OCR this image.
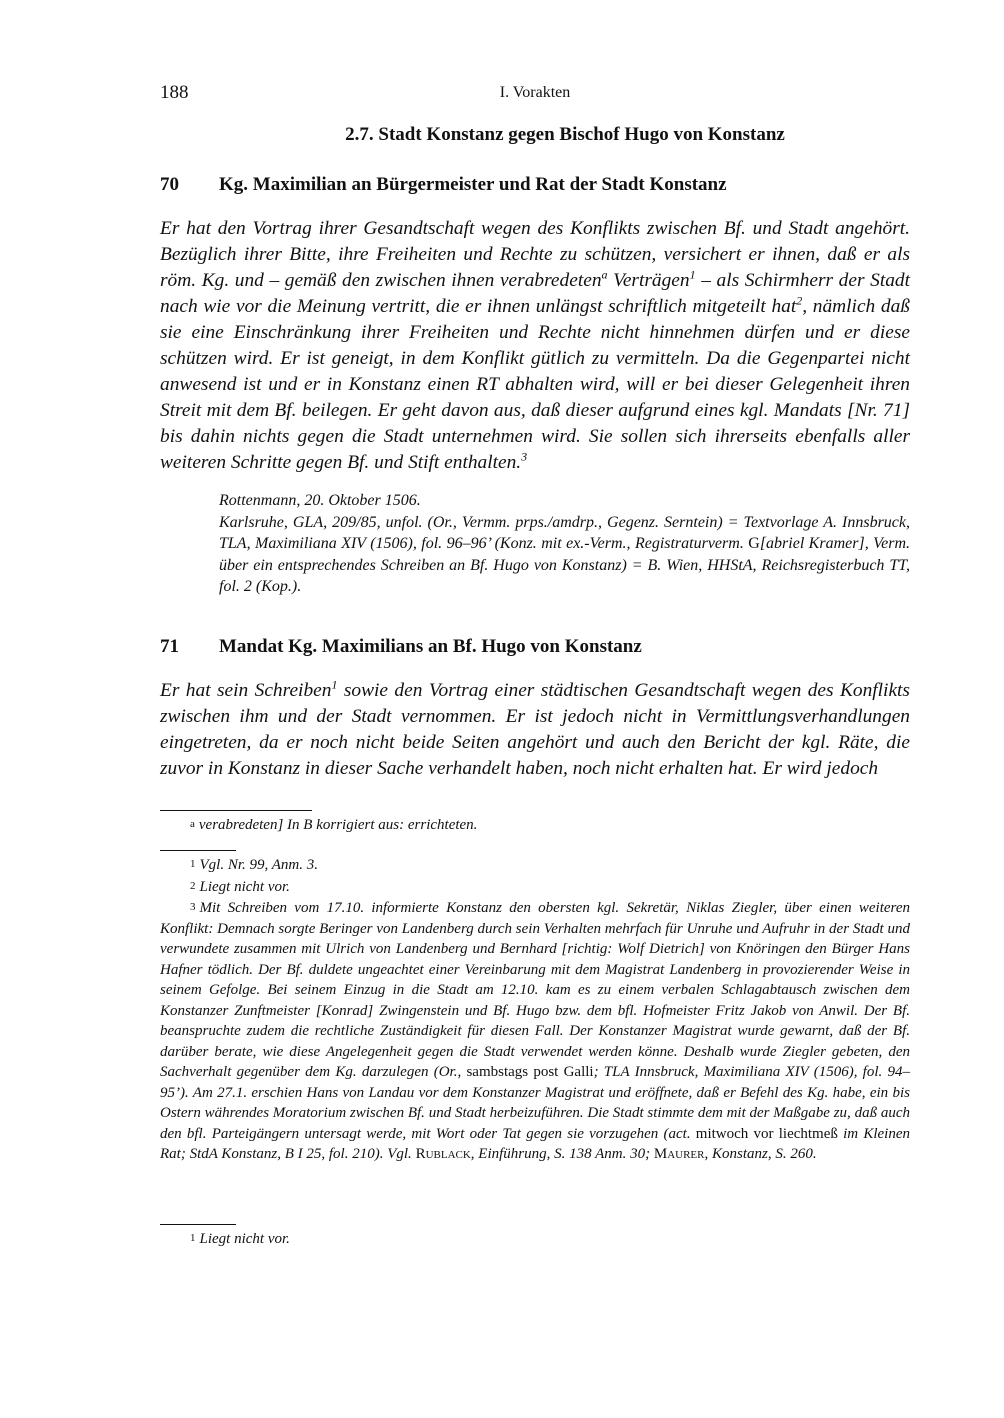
188	I. Vorakten
2.7. Stadt Konstanz gegen Bischof Hugo von Konstanz
70 Kg. Maximilian an Bürgermeister und Rat der Stadt Konstanz
Er hat den Vortrag ihrer Gesandtschaft wegen des Konflikts zwischen Bf. und Stadt angehört. Bezüglich ihrer Bitte, ihre Freiheiten und Rechte zu schützen, versichert er ihnen, daß er als röm. Kg. und – gemäß den zwischen ihnen verabredeten$^a$ Verträgen$^1$ – als Schirmherr der Stadt nach wie vor die Meinung vertritt, die er ihnen unlängst schriftlich mitgeteilt hat$^2$, nämlich daß sie eine Einschränkung ihrer Freiheiten und Rechte nicht hinnehmen dürfen und er diese schützen wird. Er ist geneigt, in dem Konflikt gütlich zu vermitteln. Da die Gegenpartei nicht anwesend ist und er in Konstanz einen RT abhalten wird, will er bei dieser Gelegenheit ihren Streit mit dem Bf. beilegen. Er geht davon aus, daß dieser aufgrund eines kgl. Mandats [Nr. 71] bis dahin nichts gegen die Stadt unternehmen wird. Sie sollen sich ihrerseits ebenfalls aller weiteren Schritte gegen Bf. und Stift enthalten.$^3$
Rottenmann, 20. Oktober 1506.
Karlsruhe, GLA, 209/85, unfol. (Or., Vermm. prps./amdrp., Gegenz. Serntein) = Textvorlage A. Innsbruck, TLA, Maximiliana XIV (1506), fol. 96–96’ (Konz. mit ex.-Verm., Registraturverm. G[abriel Kramer], Verm. über ein entsprechendes Schreiben an Bf. Hugo von Konstanz) = B. Wien, HHStA, Reichsregisterbuch TT, fol. 2 (Kop.).
71 Mandat Kg. Maximilians an Bf. Hugo von Konstanz
Er hat sein Schreiben$^1$ sowie den Vortrag einer städtischen Gesandtschaft wegen des Konflikts zwischen ihm und der Stadt vernommen. Er ist jedoch nicht in Vermittlungsverhandlungen eingetreten, da er noch nicht beide Seiten angehört und auch den Bericht der kgl. Räte, die zuvor in Konstanz in dieser Sache verhandelt haben, noch nicht erhalten hat. Er wird jedoch
a verabredeten] In B korrigiert aus: errichteten.
1 Vgl. Nr. 99, Anm. 3.
2 Liegt nicht vor.
3 Mit Schreiben vom 17.10. informierte Konstanz den obersten kgl. Sekretär, Niklas Ziegler, über einen weiteren Konflikt: Demnach sorgte Beringer von Landenberg durch sein Verhalten mehrfach für Unruhe und Aufruhr in der Stadt und verwundete zusammen mit Ulrich von Landenberg und Bernhard [richtig: Wolf Dietrich] von Knöringen den Bürger Hans Hafner tödlich. Der Bf. duldete ungeachtet einer Vereinbarung mit dem Magistrat Landenberg in provozierender Weise in seinem Gefolge. Bei seinem Einzug in die Stadt am 12.10. kam es zu einem verbalen Schlagabtausch zwischen dem Konstanzer Zunftmeister [Konrad] Zwingenstein und Bf. Hugo bzw. dem bfl. Hofmeister Fritz Jakob von Anwil. Der Bf. beanspruchte zudem die rechtliche Zuständigkeit für diesen Fall. Der Konstanzer Magistrat wurde gewarnt, daß der Bf. darüber berate, wie diese Angelegenheit gegen die Stadt verwendet werden könne. Deshalb wurde Ziegler gebeten, den Sachverhalt gegenüber dem Kg. darzulegen (Or., sambstags post Galli; TLA Innsbruck, Maximiliana XIV (1506), fol. 94–95’). Am 27.1. erschien Hans von Landau vor dem Konstanzer Magistrat und eröffnete, daß er Befehl des Kg. habe, ein bis Ostern währendes Moratorium zwischen Bf. und Stadt herbeizuführen. Die Stadt stimmte dem mit der Maßgabe zu, daß auch den bfl. Parteigängern untersagt werde, mit Wort oder Tat gegen sie vorzugehen (act. mitwoch vor liechtmeß im Kleinen Rat; StdA Konstanz, B I 25, fol. 210). Vgl. Rublack, Einführung, S. 138 Anm. 30; Maurer, Konstanz, S. 260.
1 Liegt nicht vor.
